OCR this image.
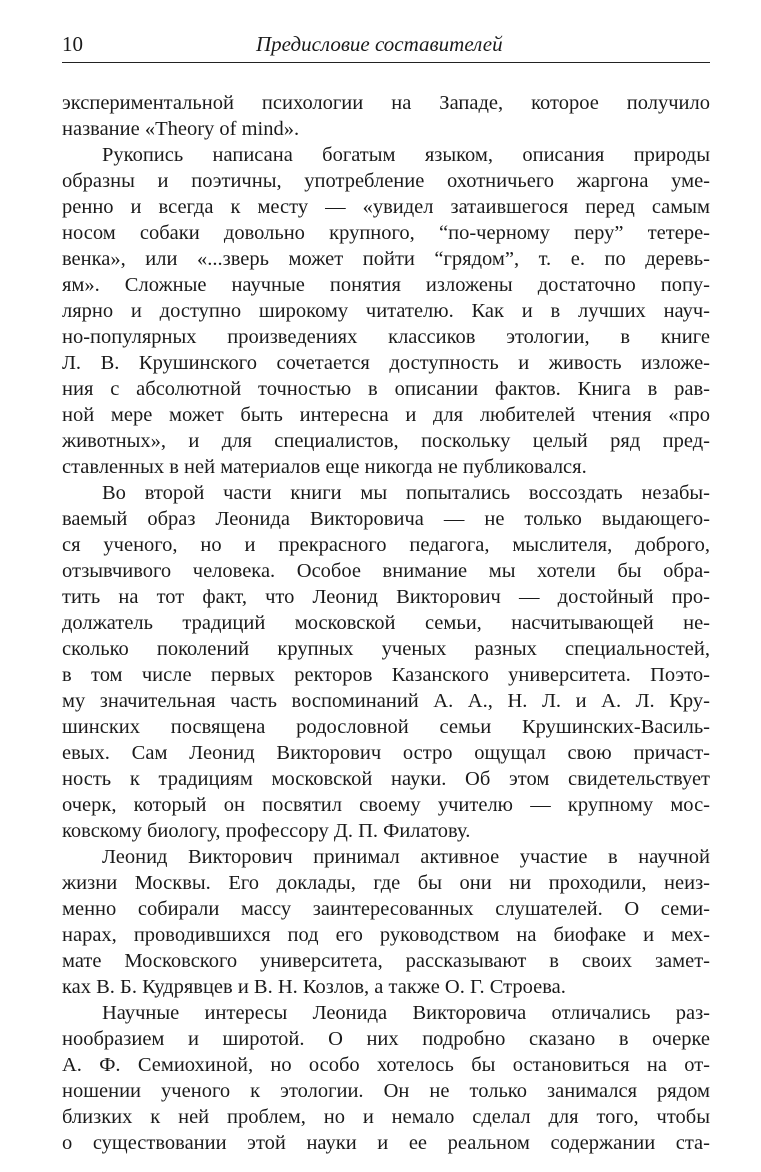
10	Предисловие составителей
экспериментальной психологии на Западе, которое получило
название «Theory of mind».
Рукопись написана богатым языком, описания природы
образны и поэтичны, употребление охотничьего жаргона уме-
ренно и всегда к месту — «увидел затаившегося перед самым
носом собаки довольно крупного, “по-черному перу” тетере-
венка», или «...зверь может пойти “грядом”, т. е. по деревь-
ям». Сложные научные понятия изложены достаточно попу-
лярно и доступно широкому читателю. Как и в лучших науч-
но-популярных произведениях классиков этологии, в книге
Л. В. Крушинского сочетается доступность и живость изложе-
ния с абсолютной точностью в описании фактов. Книга в рав-
ной мере может быть интересна и для любителей чтения «про
животных», и для специалистов, поскольку целый ряд пред-
ставленных в ней материалов еще никогда не публиковался.
Во второй части книги мы попытались воссоздать незабы-
ваемый образ Леонида Викторовича — не только выдающего-
ся ученого, но и прекрасного педагога, мыслителя, доброго,
отзывчивого человека. Особое внимание мы хотели бы обра-
тить на тот факт, что Леонид Викторович — достойный про-
должатель традиций московской семьи, насчитывающей не-
сколько поколений крупных ученых разных специальностей,
в том числе первых ректоров Казанского университета. Поэто-
му значительная часть воспоминаний А. А., Н. Л. и А. Л. Кру-
шинских посвящена родословной семьи Крушинских-Василь-
евых. Сам Леонид Викторович остро ощущал свою причаст-
ность к традициям московской науки. Об этом свидетельствует
очерк, который он посвятил своему учителю — крупному мос-
ковскому биологу, профессору Д. П. Филатову.
Леонид Викторович принимал активное участие в научной
жизни Москвы. Его доклады, где бы они ни проходили, неиз-
менно собирали массу заинтересованных слушателей. О семи-
нарах, проводившихся под его руководством на биофаке и мех-
мате Московского университета, рассказывают в своих замет-
ках В. Б. Кудрявцев и В. Н. Козлов, а также О. Г. Строева.
Научные интересы Леонида Викторовича отличались раз-
нообразием и широтой. О них подробно сказано в очерке
А. Ф. Семиохиной, но особо хотелось бы остановиться на от-
ношении ученого к этологии. Он не только занимался рядом
близких к ней проблем, но и немало сделал для того, чтобы
о существовании этой науки и ее реальном содержании ста-
